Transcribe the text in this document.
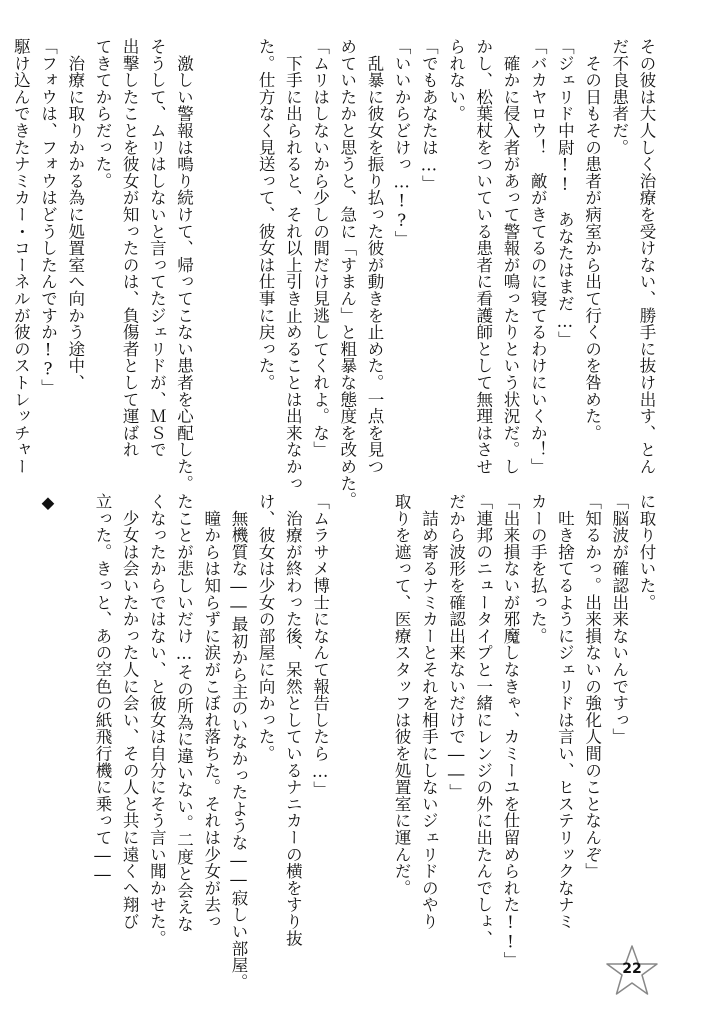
その彼は大人しく治療を受けない、勝手に抜け出す、とん

だ不良患者だ。

　その日もその患者が病室から出て行くのを咎めた。

「ジェリド中尉!!　あなたはまだ…」

「バカヤロウ！　敵がきてるのに寝てるわけにいくか！」

　確かに侵入者があって警報が鳴ったりという状況だ。し

かし、松葉杖をついている患者に看護師として無理はさせ

られない。

「でもあなたは…」

「いいからどけっ…!?」

　乱暴に彼女を振り払った彼が動きを止めた。一点を見つ

めていたかと思うと、急に「すまん」と粗暴な態度を改めた。

「ムリはしないから少しの間だけ見逃してくれよ。な」

　下手に出られると、それ以上引き止めることは出来なかっ

た。仕方なく見送って、彼女は仕事に戻った。

　激しい警報は鳴り続けて、帰ってこない患者を心配した。

そうして、ムリはしないと言ってたジェリドが、ＭＳで

出撃したことを彼女が知ったのは、負傷者として運ばれ

てきてからだった。

　治療に取りかかる為に処置室へ向かう途中、

「フォウは、フォウはどうしたんですか!?」

駆け込んできたナミカー・コーネルが彼のストレッチャー

に取り付いた。

「脳波が確認出来ないんですっ」

「知るかっ。出来損ないの強化人間のことなんぞ」

　吐き捨てるようにジェリドは言い、ヒステリックなナミ

カーの手を払った。

「出来損ないが邪魔しなきゃ、カミーユを仕留められた!!」

「連邦のニュータイプと一緒にレンジの外に出たんでしょ、

だから波形を確認出来ないだけで――」

　詰め寄るナミカーとそれを相手にしないジェリドのやり

取りを遮って、医療スタッフは彼を処置室に運んだ。

「ムラサメ博士になんて報告したら…」

　治療が終わった後、呆然としているナニカーの横をすり抜

け、彼女は少女の部屋に向かった。

　無機質な――最初から主のいなかったような――寂しい部屋。

　瞳からは知らずに涙がこぼれ落ちた。それは少女が去っ

たことが悲しいだけ…その所為に違いない。二度と会えな

くなったからではない、と彼女は自分にそう言い聞かせた。

　少女は会いたかった人に会い、その人と共に遠くへ翔び

立った。きっと、あの空色の紙飛行機に乗って――

◆

22
